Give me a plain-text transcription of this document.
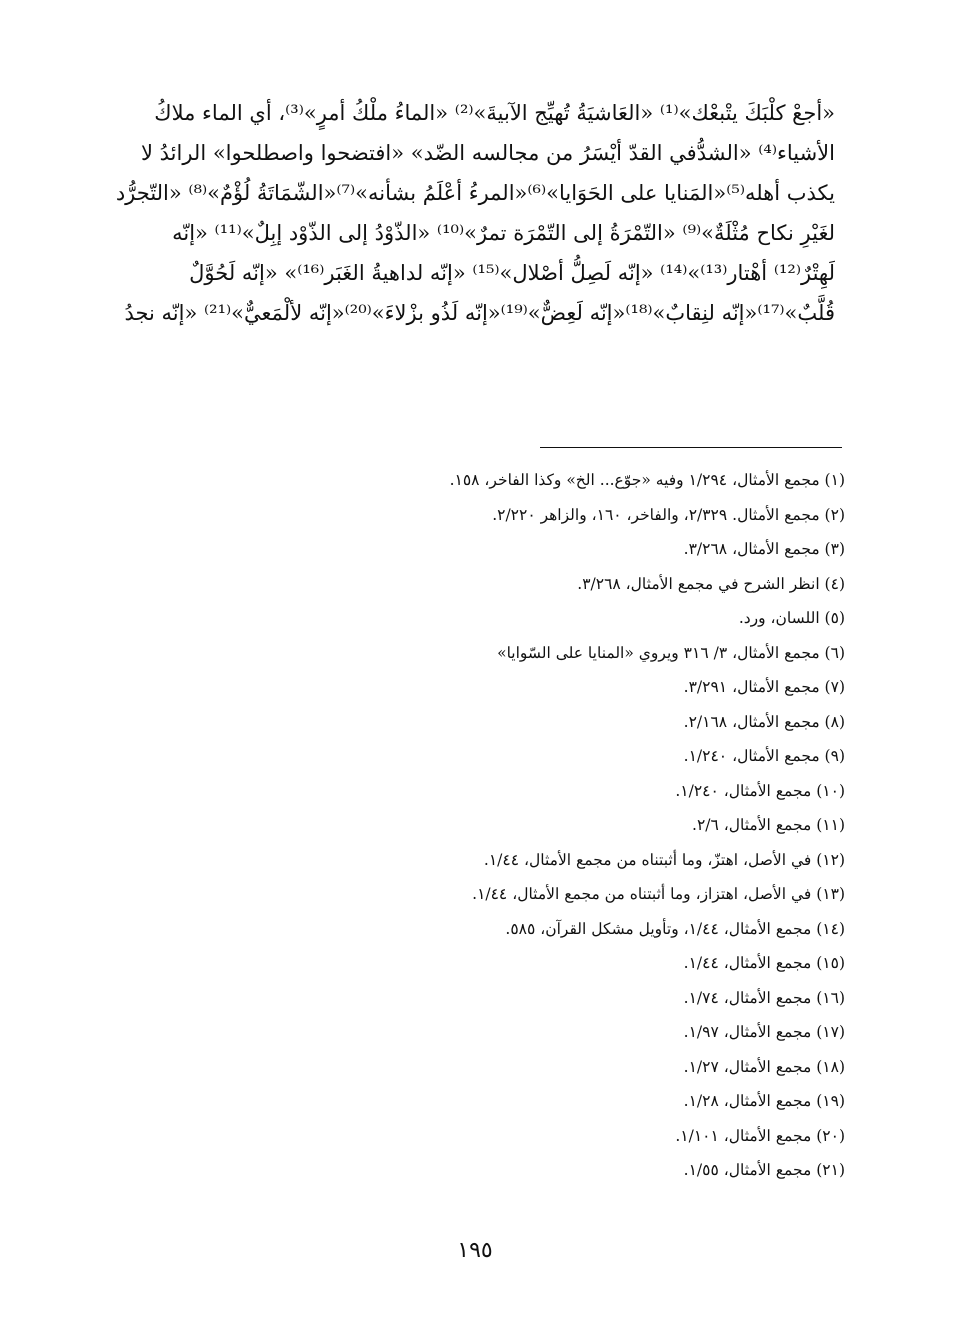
«أجعْ كلْبَكَ يتْبعْك»⁽¹⁾ «العَاشيَةُ تُهيِّج الآبيةَ»⁽²⁾ «الماءُ ملْكُ أمرٍ»⁽³⁾، أي الماء ملاكُ
الأشياء⁽⁴⁾ «الشدُّفي القدّ أيْسَرُ من مجالسه الضّد» «افتضحوا واصطلحوا» الرائدُ لا
يكذب أهله⁽⁵⁾«المَنايا على الحَوَايا»⁽⁶⁾«المرءُ أعْلَمُ بشأنه»⁽⁷⁾«الشّمَاتَةُ لُؤْمٌ»⁽⁸⁾ «التّجرُّد
لغَيْرِ نكاح مُثْلَةٌ»⁽⁹⁾ «التّمْرَةُ إلى التّمْرَة تمرٌ»⁽¹⁰⁾ «الذّوْدُ إلى الذّوْد إبِلٌ»⁽¹¹⁾ «إنّه
لَهِتْرٌ⁽¹²⁾ أهْتار⁽¹³⁾»⁽¹⁴⁾ «إنّه لَصِلُّ أصْلال»⁽¹⁵⁾ «إنّه لداهيةُ الغَبَر⁽¹⁶⁾» «إنّه لَحُوَّلٌ
قُلَّبٌ»⁽¹⁷⁾«إنّه لنِقابٌ»⁽¹⁸⁾«إنّه لَعِضٌّ»⁽¹⁹⁾«إنّه لَذُو بزْلاءَ»⁽²⁰⁾«إنّه لألْمَعيٌّ»⁽²¹⁾ «إنّه نجدُ
(١) مجمع الأمثال، ١/٢٩٤ وفيه «جوّع... الخ» وكذا الفاخر، ١٥٨.
(٢) مجمع الأمثال. ٢/٣٢٩، والفاخر، ١٦٠، والزاهر ٢/٢٢٠.
(٣) مجمع الأمثال، ٣/٢٦٨.
(٤) انظر الشرح في مجمع الأمثال، ٣/٢٦٨.
(٥) اللسان، ورد.
(٦) مجمع الأمثال، ٣/ ٣١٦ ويروي «المنايا على السّوايا»
(٧) مجمع الأمثال، ٣/٢٩١.
(٨) مجمع الأمثال، ٢/١٦٨.
(٩) مجمع الأمثال، ١/٢٤٠.
(١٠) مجمع الأمثال، ١/٢٤٠.
(١١) مجمع الأمثال، ٢/٦.
(١٢) في الأصل، اهتزّ، وما أثبتناه من مجمع الأمثال، ١/٤٤.
(١٣) في الأصل، اهتزاز، وما أثبتناه من مجمع الأمثال، ١/٤٤.
(١٤) مجمع الأمثال، ١/٤٤، وتأويل مشكل القرآن، ٥٨٥.
(١٥) مجمع الأمثال، ١/٤٤.
(١٦) مجمع الأمثال، ١/٧٤.
(١٧) مجمع الأمثال، ١/٩٧.
(١٨) مجمع الأمثال، ١/٢٧.
(١٩) مجمع الأمثال، ١/٢٨.
(٢٠) مجمع الأمثال، ١/١٠١.
(٢١) مجمع الأمثال، ١/٥٥.
١٩٥
